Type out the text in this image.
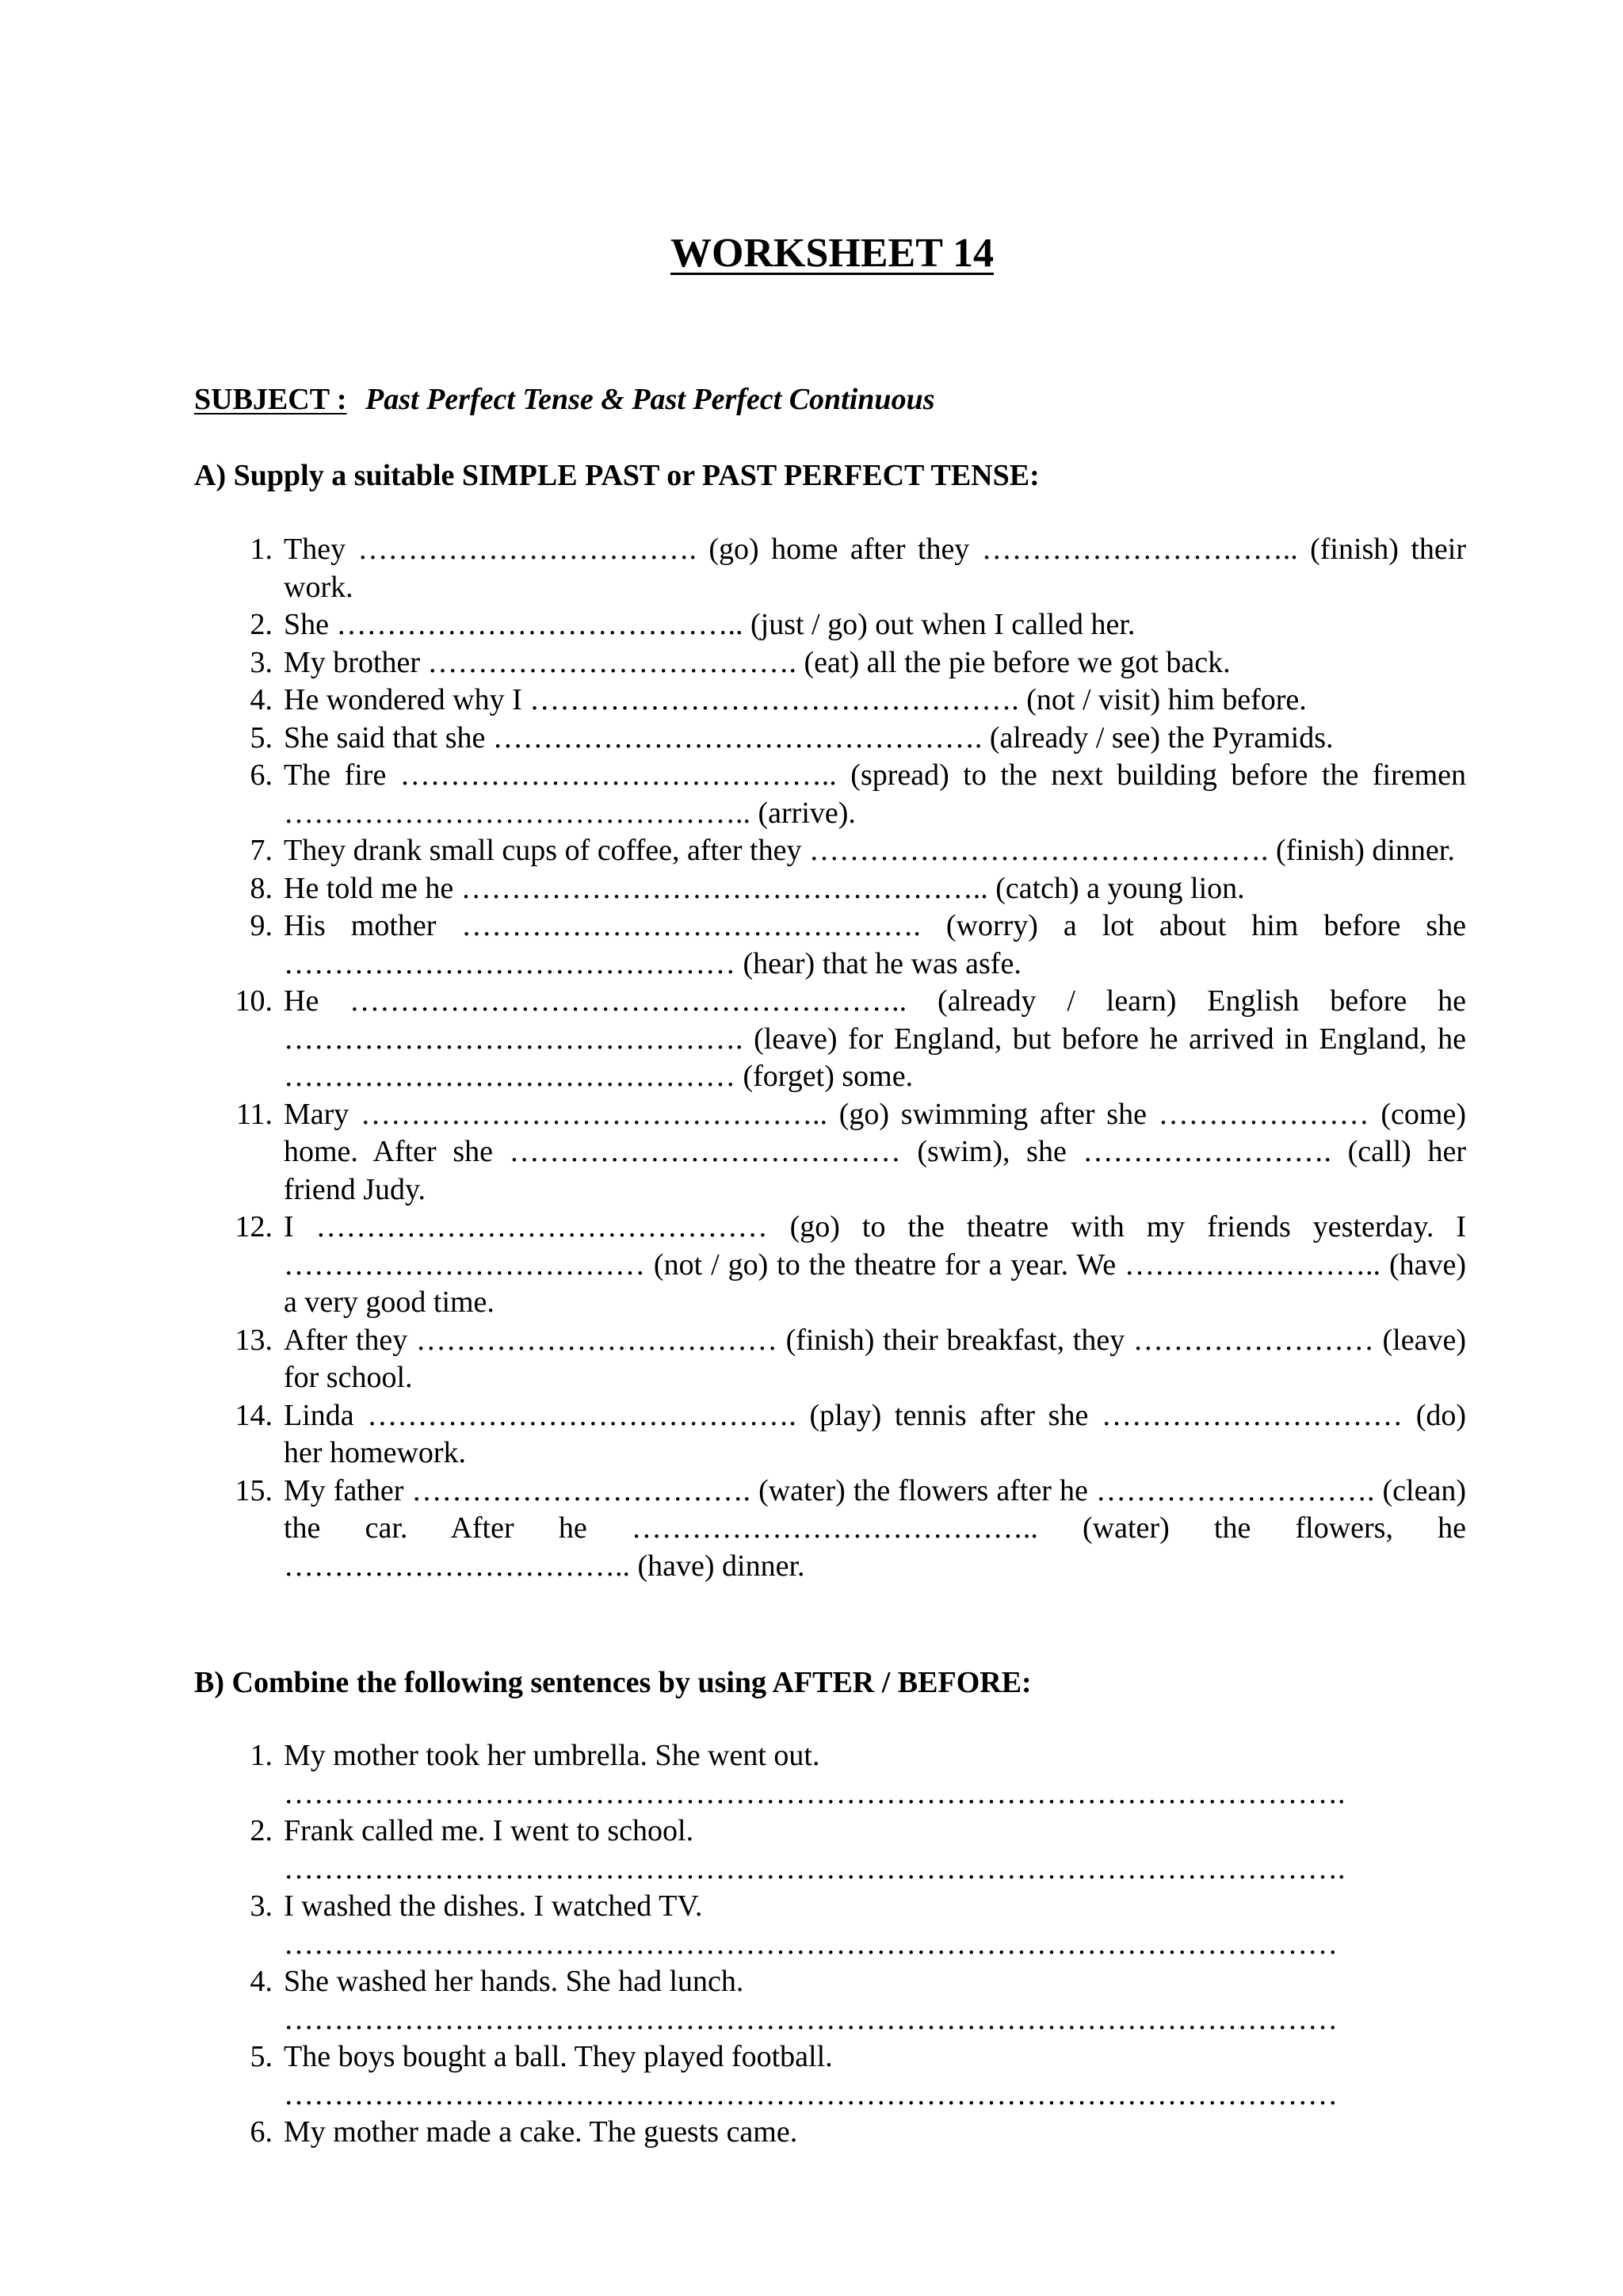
WORKSHEET 14
SUBJECT : Past Perfect Tense & Past Perfect Continuous
A) Supply a suitable SIMPLE PAST or PAST PERFECT TENSE:
1. They ……………………………. (go) home after they ………………………….. (finish) their work.
2. She ………………………………….. (just / go) out when I called her.
3. My brother ………………………………. (eat) all the pie before we got back.
4. He wondered why I …………………………………………. (not / visit) him before.
5. She said that she …………………………………………. (already / see) the Pyramids.
6. The fire …………………………………….. (spread) to the next building before the firemen ……………………………………….. (arrive).
7. They drank small cups of coffee, after they ………………………………………. (finish) dinner.
8. He told me he …………………………………………….. (catch) a young lion.
9. His mother ………………………………………. (worry) a lot about him before she ……………………………………… (hear) that he was asfe.
10. He ……………………………………………….. (already / learn) English before he ………………………………………. (leave) for England, but before he arrived in England, he ……………………………………… (forget) some.
11. Mary ……………………………………….. (go) swimming after she ………………… (come) home. After she ………………………………… (swim), she ……………………. (call) her friend Judy.
12. I ……………………………………… (go) to the theatre with my friends yesterday. I ……………………………… (not / go) to the theatre for a year. We …………………….. (have) a very good time.
13. After they ……………………………… (finish) their breakfast, they …………………… (leave) for school.
14. Linda ……………………………………. (play) tennis after she ………………………… (do) her homework.
15. My father ……………………………. (water) the flowers after he ………………………. (clean) the car. After he ………………………………….. (water) the flowers, he …………………………….. (have) dinner.
B) Combine the following sentences by using AFTER / BEFORE:
1. My mother took her umbrella. She went out.
…………………………………………………………………………………………….
2. Frank called me. I went to school.
…………………………………………………………………………………………….
3. I washed the dishes. I watched TV.
……………………………………………………………………………………………
4. She washed her hands. She had lunch.
……………………………………………………………………………………………
5. The boys bought a ball. They played football.
……………………………………………………………………………………………
6. My mother made a cake. The guests came.
